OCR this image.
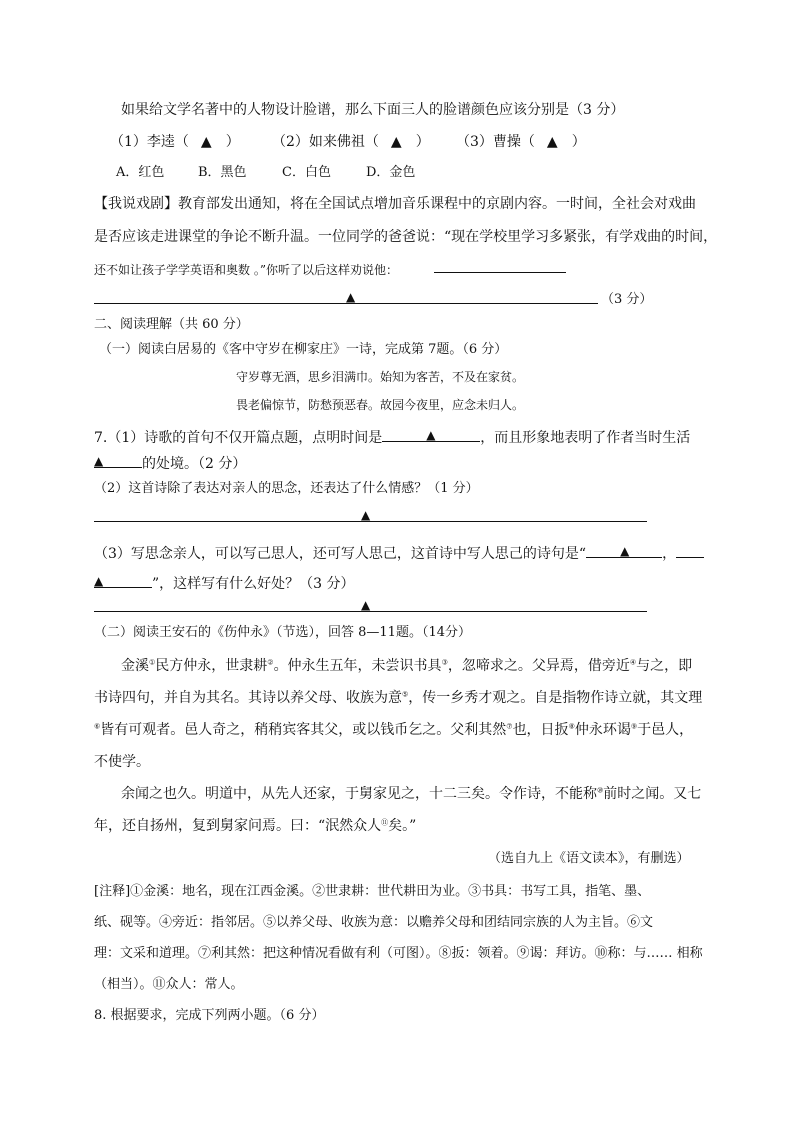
如果给文学名著中的人物设计脸谱，那么下面三人的脸谱颜色应该分别是（3 分）
（1）李逵（ ▲ ） （2）如来佛祖（ ▲ ） （3）曹操（ ▲ ）
A．红色	B．黑色	C．白色	D．金色
【我说戏剧】教育部发出通知，将在全国试点增加音乐课程中的京剧内容。一时间，全社会对戏曲
是否应该走进课堂的争论不断升温。一位同学的爸爸说：“现在学校里学习多紧张，有学戏曲的时间，
还不如让孩子学学英语和奥数 。”你听了以后这样劝说他：
▲	（3 分）
二、阅读理解（共 60 分）
（一）阅读白居易的《客中守岁在柳家庄》一诗，完成第 7题。（6 分）
守岁尊无酒，思乡泪满巾。始知为客苦，不及在家贫。
畏老偏惊节，防愁预恶春。故园今夜里，应念未归人。
7.（1）诗歌的首句不仅开篇点题，点明时间是	▲	，而且形象地表明了作者当时生活
▲	的处境。（2 分）
（2）这首诗除了表达对亲人的思念，还表达了什么情感？（1 分）
▲
（3）写思念亲人，可以写己思人，还可写人思己，这首诗中写人思己的诗句是“	▲ ，
▲	”，这样写有什么好处？（3 分）
▲
（二）阅读王安石的《伤仲永》（节选），回答 8—11题。（14分）
金溪①民方仲永，世隶耕②。仲永生五年，未尝识书具③，忽啼求之。父异焉，借旁近④与之，即
书诗四句，并自为其名。其诗以养父母、收族为意⑤，传一乡秀才观之。自是指物作诗立就，其文理
⑥皆有可观者。邑人奇之，稍稍宾客其父，或以钱币乞之。父利其然⑦也，日扳⑧仲永环谒⑨于邑人，
不使学。
余闻之也久。明道中，从先人还家，于舅家见之，十二三矣。令作诗，不能称⑩前时之闻。又七
年，还自扬州，复到舅家问焉。曰：“泯然众人⑪矣。”
（选自九上《语文读本》，有删选）
[注释]①金溪：地名，现在江西金溪。②世隶耕：世代耕田为业。③书具：书写工具，指笔、墨、
纸、砚等。④旁近：指邻居。⑤以养父母、收族为意：以赡养父母和团结同宗族的人为主旨。⑥文
理：文采和道理。⑦利其然：把这种情况看做有利（可图）。⑧扳：领着。⑨谒：拜访。⑩称：与…… 相称
（相当）。⑪众人：常人。
8. 根据要求，完成下列两小题。（6 分）
